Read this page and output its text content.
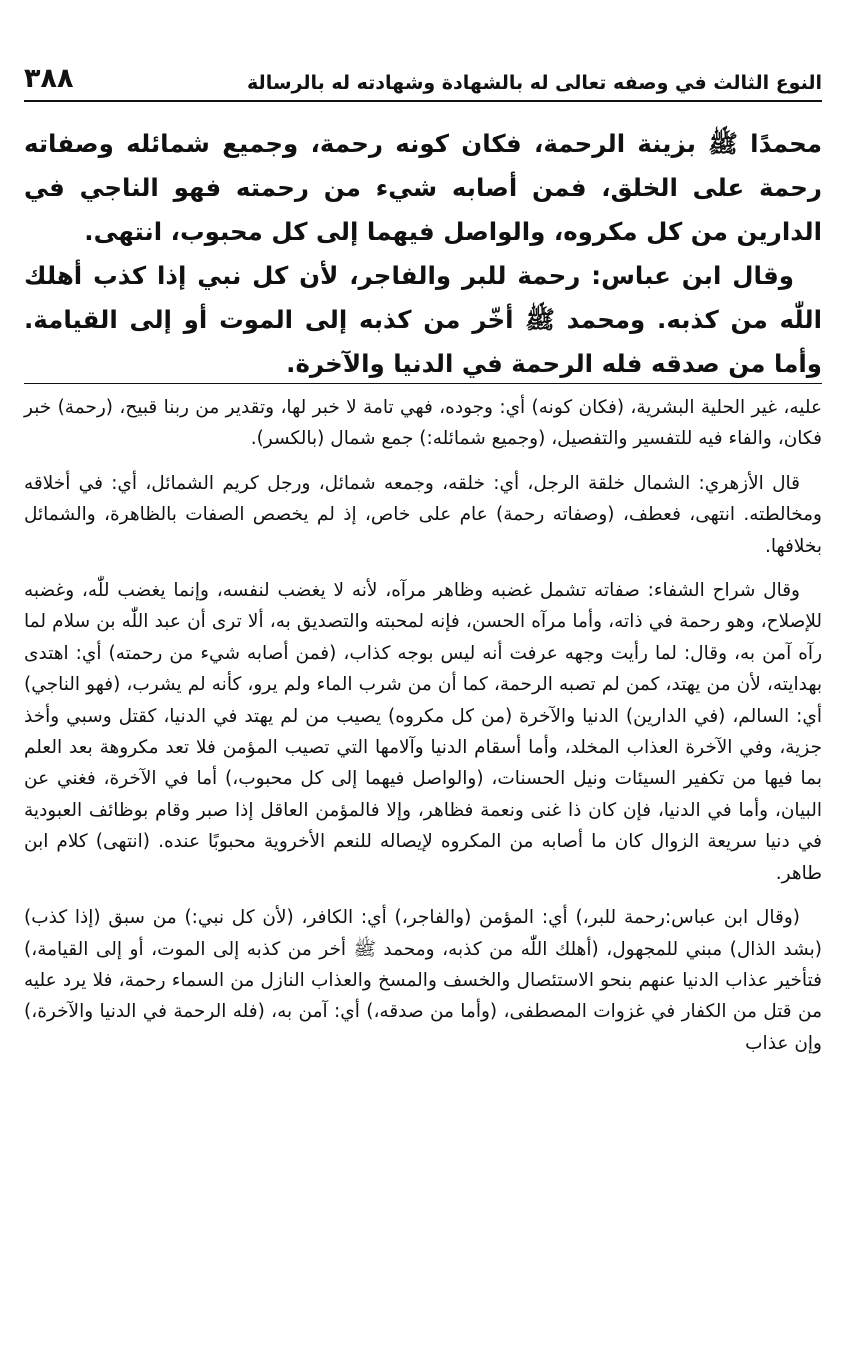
النوع الثالث في وصفه تعالى له بالشهادة وشهادته له بالرسالة
٣٨٨

محمدًا ﷺ بزينة الرحمة، فكان كونه رحمة، وجميع شمائله وصفاته رحمة على الخلق، فمن أصابه شيء من رحمته فهو الناجي في الدارين من كل مكروه، والواصل فيهما إلى كل محبوب، انتهى.

وقال ابن عباس: رحمة للبر والفاجر، لأن كل نبي إذا كذب أهلك اللّٰه من كذبه. ومحمد ﷺ أخّر من كذبه إلى الموت أو إلى القيامة. وأما من صدقه فله الرحمة في الدنيا والآخرة.

عليه، غير الحلية البشرية، (فكان كونه) أي: وجوده، فهي تامة لا خبر لها، وتقدير من ربنا قبيح، (رحمة) خبر فكان، والفاء فيه للتفسير والتفصيل، (وجميع شمائله:) جمع شمال (بالكسر).

قال الأزهري: الشمال خلقة الرجل، أي: خلقه، وجمعه شمائل، ورجل كريم الشمائل، أي: في أخلاقه ومخالطته. انتهى، فعطف، (وصفاته رحمة) عام على خاص، إذ لم يخصص الصفات بالظاهرة، والشمائل بخلافها.

وقال شراح الشفاء: صفاته تشمل غضبه وظاهر مرآه، لأنه لا يغضب لنفسه، وإنما يغضب للّٰه، وغضبه للإصلاح، وهو رحمة في ذاته، وأما مرآه الحسن، فإنه لمحبته والتصديق به، ألا ترى أن عبد اللّٰه بن سلام لما رآه آمن به، وقال: لما رأيت وجهه عرفت أنه ليس بوجه كذاب، (فمن أصابه شيء من رحمته) أي: اهتدى بهدايته، لأن من يهتد، كمن لم تصبه الرحمة، كما أن من شرب الماء ولم يرو، كأنه لم يشرب، (فهو الناجي) أي: السالم، (في الدارين) الدنيا والآخرة (من كل مكروه) يصيب من لم يهتد في الدنيا، كقتل وسبي وأخذ جزية، وفي الآخرة العذاب المخلد، وأما أسقام الدنيا وآلامها التي تصيب المؤمن فلا تعد مكروهة بعد العلم بما فيها من تكفير السيئات ونيل الحسنات، (والواصل فيهما إلى كل محبوب،) أما في الآخرة، فغني عن البيان، وأما في الدنيا، فإن كان ذا غنى ونعمة فظاهر، وإلا فالمؤمن العاقل إذا صبر وقام بوظائف العبودية في دنيا سريعة الزوال كان ما أصابه من المكروه لإيصاله للنعم الأخروية محبوبًا عنده. (انتهى) كلام ابن طاهر.

(وقال ابن عباس:رحمة للبر،) أي: المؤمن (والفاجر،) أي: الكافر، (لأن كل نبي:) من سبق (إذا كذب) (بشد الذال) مبني للمجهول، (أهلك اللّٰه من كذبه، ومحمد ﷺ أخر من كذبه إلى الموت، أو إلى القيامة،) فتأخير عذاب الدنيا عنهم بنحو الاستئصال والخسف والمسخ والعذاب النازل من السماء رحمة، فلا يرد عليه من قتل من الكفار في غزوات المصطفى، (وأما من صدقه،) أي: آمن به، (فله الرحمة في الدنيا والآخرة،) وإن عذاب
